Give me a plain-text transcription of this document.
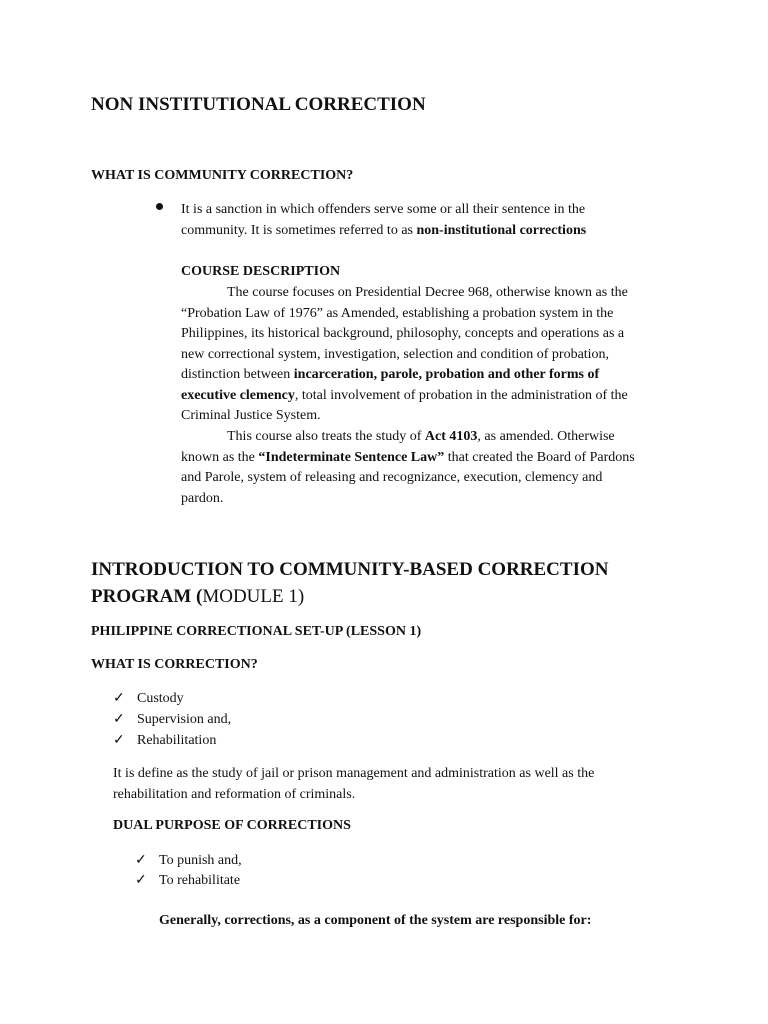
NON INSTITUTIONAL CORRECTION
WHAT IS COMMUNITY CORRECTION?
It is a sanction in which offenders serve some or all their sentence in the
community. It is sometimes referred to as non-institutional corrections
COURSE DESCRIPTION
The course focuses on Presidential Decree 968, otherwise known as the
“Probation Law of 1976” as Amended, establishing a probation system in the
Philippines, its historical background, philosophy, concepts and operations as a
new correctional system, investigation, selection and condition of probation,
distinction between incarceration, parole, probation and other forms of
executive clemency, total involvement of probation in the administration of the
Criminal Justice System.
This course also treats the study of Act 4103, as amended. Otherwise
known as the “Indeterminate Sentence Law” that created the Board of Pardons
and Parole, system of releasing and recognizance, execution, clemency and
pardon.
INTRODUCTION TO COMMUNITY-BASED CORRECTION
PROGRAM (MODULE 1)
PHILIPPINE CORRECTIONAL SET-UP (LESSON 1)
WHAT IS CORRECTION?
✓ Custody
✓ Supervision and,
✓ Rehabilitation
It is define as the study of jail or prison management and administration as well as the
rehabilitation and reformation of criminals.
DUAL PURPOSE OF CORRECTIONS
✓ To punish and,
✓ To rehabilitate
Generally, corrections, as a component of the system are responsible for:
